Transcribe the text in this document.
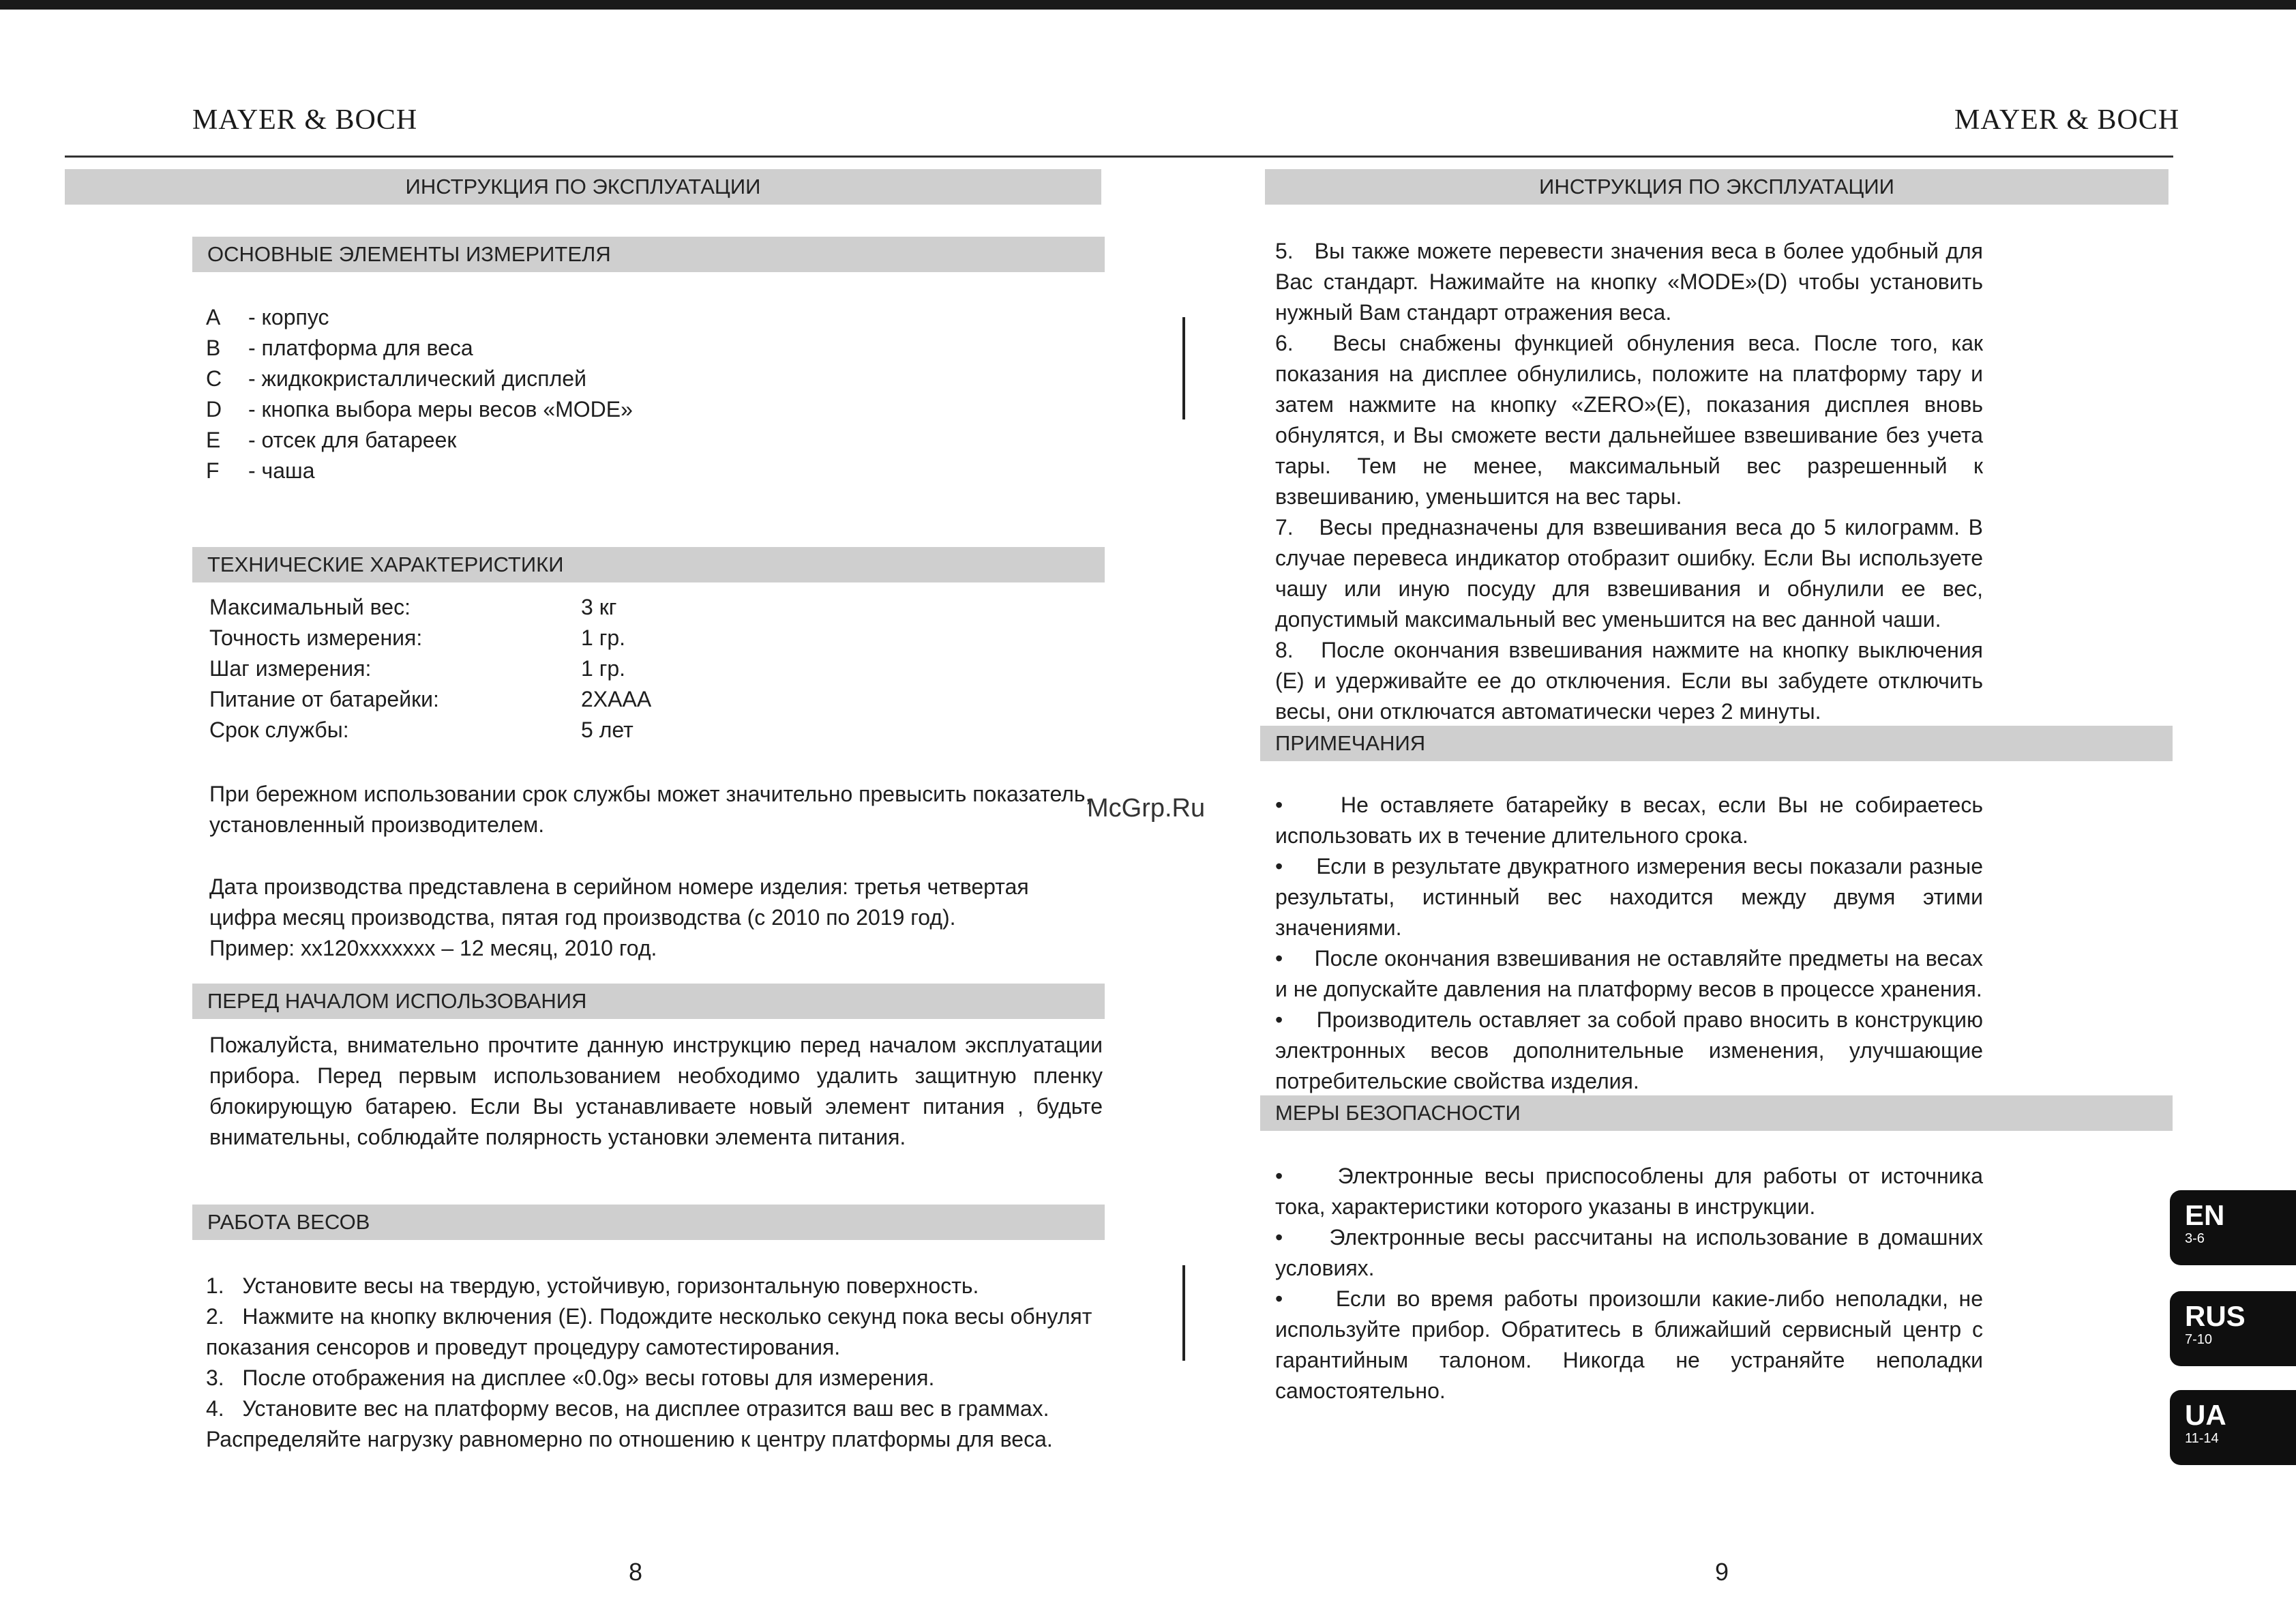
MAYER & BOCH
ИНСТРУКЦИЯ ПО ЭКСПЛУАТАЦИИ
ОСНОВНЫЕ ЭЛЕМЕНТЫ ИЗМЕРИТЕЛЯ
A	- корпус
B	- платформа для веса
C	- жидкокристаллический дисплей
D	- кнопка выбора меры весов «MODE»
E	- отсек для батареек
F	- чаша
ТЕХНИЧЕСКИЕ ХАРАКТЕРИСТИКИ
Максимальный вес:	3 кг
Точность измерения:	1 гр.
Шаг измерения:	1 гр.
Питание от батарейки:	2XAAA
Срок службы:	5 лет
При бережном использовании срок службы может значительно превысить показатель, установленный производителем.
Дата производства представлена в серийном номере изделия: третья четвертая цифра месяц производства, пятая год производства (с 2010 по 2019 год).
Пример: xx120xxxxxxx – 12 месяц, 2010 год.
ПЕРЕД НАЧАЛОМ ИСПОЛЬЗОВАНИЯ
Пожалуйста, внимательно прочтите данную инструкцию перед началом эксплуатации прибора. Перед первым использованием необходимо удалить защитную пленку блокирующую батарею. Если Вы устанавливаете новый элемент питания , будьте внимательны, соблюдайте полярность установки элемента питания.
РАБОТА ВЕСОВ
1. Установите весы на твердую, устойчивую, горизонтальную поверхность.
2. Нажмите на кнопку включения (E). Подождите несколько секунд пока весы обнулят показания сенсоров и проведут процедуру самотестирования.
3. После отображения на дисплее «0.0g» весы готовы для измерения.
4. Установите вес на платформу весов, на дисплее отразится ваш вес в граммах. Распределяйте нагрузку равномерно по отношению к центру платформы для веса.
8
McGrp.Ru
MAYER & BOCH
ИНСТРУКЦИЯ ПО ЭКСПЛУАТАЦИИ
5. Вы также можете перевести значения веса в более удобный для Вас стандарт. Нажимайте на кнопку «MODE»(D) чтобы установить нужный Вам стандарт отражения веса.
6. Весы снабжены функцией обнуления веса. После того, как показания на дисплее обнулились, положите на платформу тару и затем нажмите на кнопку «ZERO»(E), показания дисплея вновь обнулятся, и Вы сможете вести дальнейшее взвешивание без учета тары. Тем не менее, максимальный вес разрешенный к взвешиванию, уменьшится на вес тары.
7. Весы предназначены для взвешивания веса до 5 килограмм. В случае перевеса индикатор отобразит ошибку. Если Вы используете чашу или иную посуду для взвешивания и обнулили ее вес, допустимый максимальный вес уменьшится на вес данной чаши.
8. После окончания взвешивания нажмите на кнопку выключения (E) и удерживайте ее до отключения. Если вы забудете отключить весы, они отключатся автоматически через 2 минуты.
ПРИМЕЧАНИЯ
•	Не оставляете батарейку в весах, если Вы не собираетесь использовать их в течение длительного срока.
• Если в результате двукратного измерения весы показали разные результаты, истинный вес находится между двумя этими значениями.
• После окончания взвешивания не оставляйте предметы на весах и не допускайте давления на платформу весов в процессе хранения.
• Производитель оставляет за собой право вносить в конструкцию электронных весов дополнительные изменения, улучшающие потребительские свойства изделия.
МЕРЫ БЕЗОПАСНОСТИ
•	Электронные весы приспособлены для работы от источника тока, характеристики которого указаны в инструкции.
• Электронные весы рассчитаны на использование в домашних условиях.
• Если во время работы произошли какие-либо неполадки, не используйте прибор. Обратитесь в ближайший сервисный центр с гарантийным талоном. Никогда не устраняйте неполадки самостоятельно.
9
EN
3-6
RUS
7-10
UA
11-14
